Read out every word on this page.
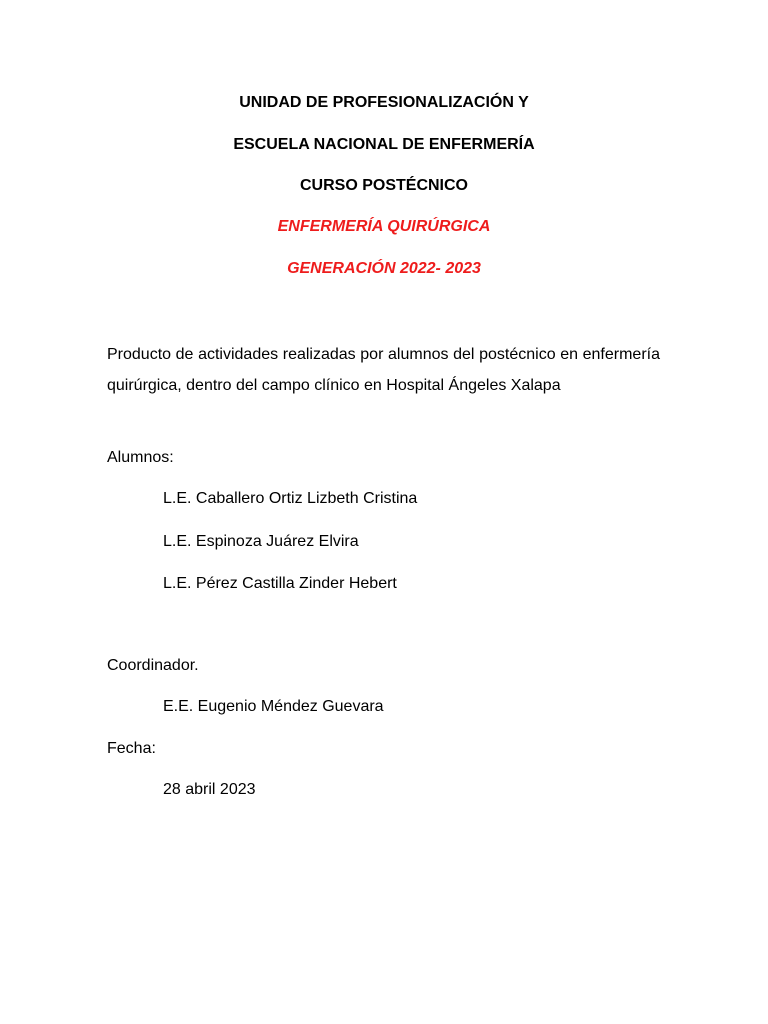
UNIDAD DE PROFESIONALIZACIÓN Y

ESCUELA NACIONAL DE ENFERMERÍA

CURSO POSTÉCNICO

ENFERMERÍA QUIRÚRGICA

GENERACIÓN 2022- 2023

Producto de actividades realizadas por alumnos del postécnico en enfermería quirúrgica, dentro del campo clínico en Hospital Ángeles Xalapa

Alumnos:

L.E. Caballero Ortiz Lizbeth Cristina

L.E. Espinoza Juárez Elvira

L.E. Pérez Castilla Zinder Hebert

Coordinador.

E.E. Eugenio Méndez Guevara

Fecha:

28 abril 2023
